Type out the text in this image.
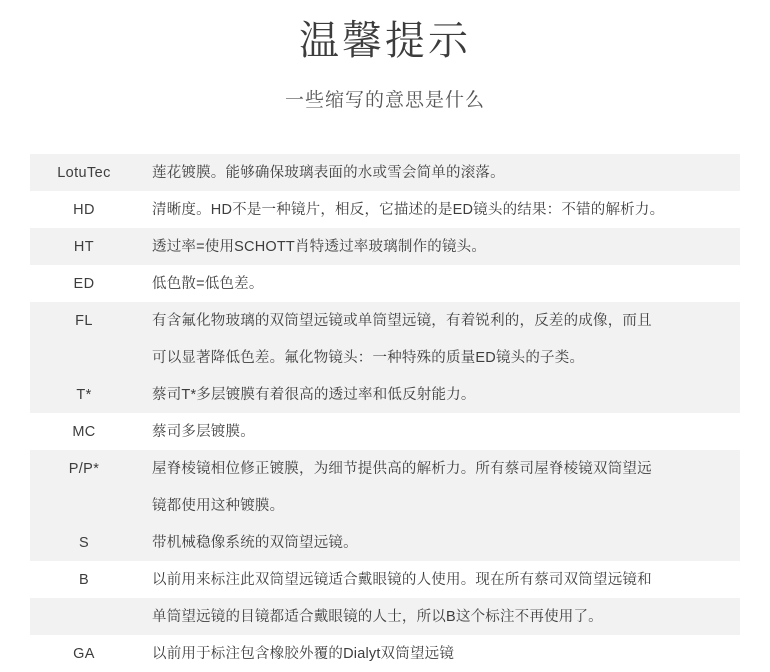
温馨提示
一些缩写的意思是什么
LotuTec	莲花镀膜。能够确保玻璃表面的水或雪会简单的滚落。
HD	清晰度。HD不是一种镜片，相反，它描述的是ED镜头的结果：不错的解析力。
HT	透过率=使用SCHOTT肖特透过率玻璃制作的镜头。
ED	低色散=低色差。
FL	有含氟化物玻璃的双筒望远镜或单筒望远镜，有着锐利的，反差的成像，而且
	可以显著降低色差。氟化物镜头：一种特殊的质量ED镜头的子类。
T*	蔡司T*多层镀膜有着很高的透过率和低反射能力。
MC	蔡司多层镀膜。
P/P*	屋脊棱镜相位修正镀膜，为细节提供高的解析力。所有蔡司屋脊棱镜双筒望远
	镜都使用这种镀膜。
S	带机械稳像系统的双筒望远镜。
B	以前用来标注此双筒望远镜适合戴眼镜的人使用。现在所有蔡司双筒望远镜和
	单筒望远镜的目镜都适合戴眼镜的人士，所以B这个标注不再使用了。
GA	以前用于标注包含橡胶外覆的Dialyt双筒望远镜
